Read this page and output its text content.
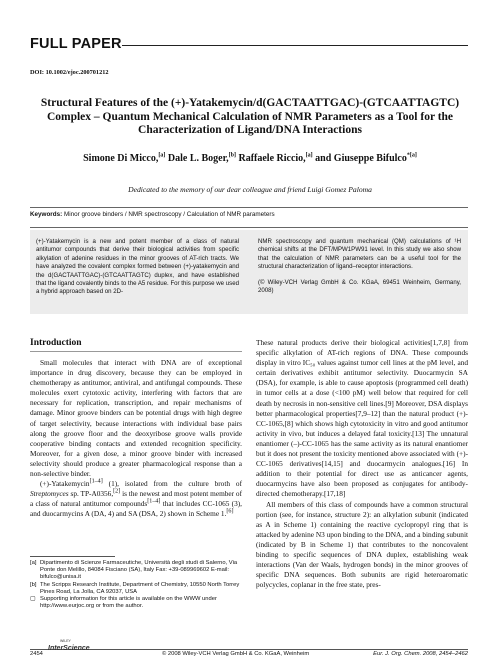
FULL PAPER
DOI: 10.1002/ejoc.200701212
Structural Features of the (+)-Yatakemycin/d(GACTAATTGAC)-(GTCAATTAGTC) Complex – Quantum Mechanical Calculation of NMR Parameters as a Tool for the Characterization of Ligand/DNA Interactions
Simone Di Micco,[a] Dale L. Boger,[b] Raffaele Riccio,[a] and Giuseppe Bifulco$^{*[a]}$
Dedicated to the memory of our dear colleague and friend Luigi Gomez Paloma
Keywords: Minor groove binders / NMR spectroscopy / Calculation of NMR parameters
(+)-Yatakemycin is a new and potent member of a class of natural antitumor compounds that derive their biological activities from specific alkylation of adenine residues in the minor grooves of AT-rich tracts. We have analyzed the covalent complex formed between (+)-yatakemycin and the d(GACTAATTGAC)-(GTCAATTAGTC) duplex, and have established that the ligand covalently binds to the A5 residue. For this purpose we used a hybrid approach based on 2D-

NMR spectroscopy and quantum mechanical (QM) calculations of ¹H chemical shifts at the DFT/MPW1PW91 level. In this study we also show that the calculation of NMR parameters can be a useful tool for the structural characterization of ligand–receptor interactions.

(© Wiley-VCH Verlag GmbH & Co. KGaA, 69451 Weinheim, Germany, 2008)

Introduction

Small molecules that interact with DNA are of exceptional importance in drug discovery, because they can be employed in chemotherapy as antitumor, antiviral, and antifungal compounds. These molecules exert cytotoxic activity, interfering with factors that are necessary for replication, transcription, and repair mechanisms of damage. Minor groove binders can be potential drugs with high degree of target selectivity, because interactions with individual base pairs along the groove floor and the deoxyribose groove walls provide cooperative binding contacts and extended recognition specificity. Moreover, for a given dose, a minor groove binder with increased selectivity should produce a greater pharmacological response than a non-selective binder.

(+)-Yatakemycin[1–4] (1), isolated from the culture broth of Streptomyces sp. TP-A0356,[2] is the newest and most potent member of a class of natural antitumor compounds[1–4] that includes CC-1065 (3), and duocarmycins A (DA, 4) and SA (DSA, 2) shown in Scheme 1.[6]

[a] Dipartimento di Scienze Farmaceutiche, Università degli studi di Salerno, Via Ponte don Melillo, 84084 Fisciano (SA), Italy Fax: +39-089969602 E-mail: bifulco@unisa.it
[b] The Scripps Research Institute, Department of Chemistry, 10550 North Torrey Pines Road, La Jolla, CA 92037, USA
▢ Supporting information for this article is available on the WWW under http://www.eurjoc.org or from the author.

These natural products derive their biological activities[1,7,8] from specific alkylation of AT-rich regions of DNA. These compounds display in vitro IC₅₀ values against tumor cell lines at the pM level, and certain derivatives exhibit antitumor selectivity. Duocarmycin SA (DSA), for example, is able to cause apoptosis (programmed cell death) in tumor cells at a dose (<100 pM) well below that required for cell death by necrosis in non-sensitive cell lines.[9] Moreover, DSA displays better pharmacological properties[7,9–12] than the natural product (+)-CC-1065,[8] which shows high cytotoxicity in vitro and good antitumor activity in vivo, but induces a delayed fatal toxicity.[13] The unnatural enantiomer (–)-CC-1065 has the same activity as its natural enantiomer but it does not present the toxicity mentioned above associated with (+)-CC-1065 derivatives[14,15] and duocarmycin analogues.[16] In addition to their potential for direct use as anticancer agents, duocarmycins have also been proposed as conjugates for antibody-directed chemotherapy.[17,18]

All members of this class of compounds have a common structural portion (see, for instance, structure 2): an alkylation subunit (indicated as A in Scheme 1) containing the reactive cyclopropyl ring that is attacked by adenine N3 upon binding to the DNA, and a binding subunit (indicated by B in Scheme 1) that contributes to the noncovalent binding to specific sequences of DNA duplex, establishing weak interactions (Van der Waals, hydrogen bonds) in the minor grooves of specific DNA sequences. Both subunits are rigid heteroaromatic polycycles, coplanar in the free state, pres-

2454
WILEY
InterScience
© 2008 Wiley-VCH Verlag GmbH & Co. KGaA, Weinheim	Eur. J. Org. Chem. 2008, 2454–2462
